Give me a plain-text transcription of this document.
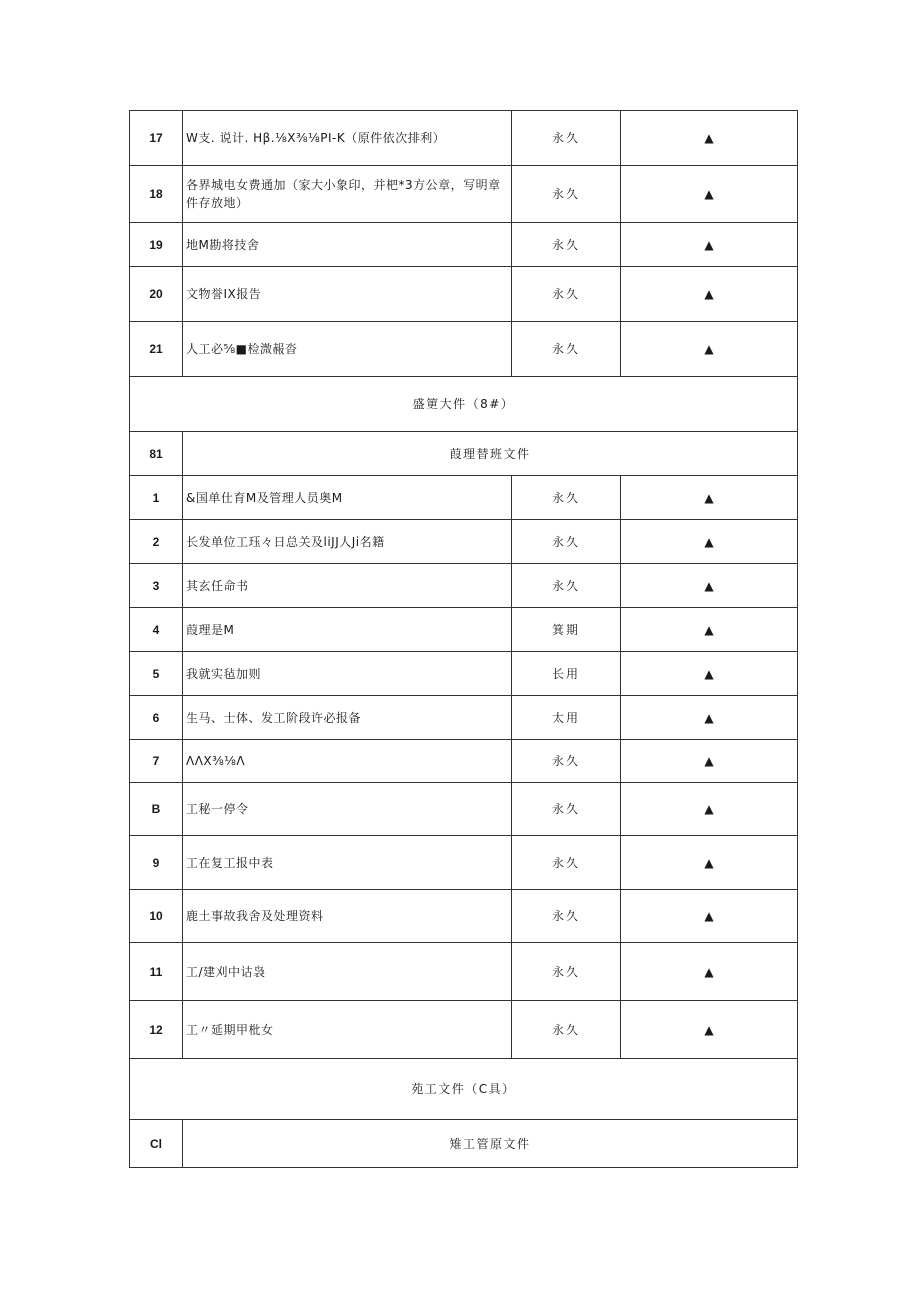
17	W支. 说计. Hβ.⅛X⅜⅛PI-K（原件依次排利）	永久	▲
18	各界城电女费通加（家大小象印，并杷*3方公章，写明章件存放地）	永久	▲
19	地M勘将技舍	永久	▲
20	文物誉IX报告	永久	▲
21	人工必⅝■检溦赧沓	永久	▲
盛筻大件（8#）			
81	葭理替班文件		
1	&国单仕育M及管理人员奥M	永久	▲
2	长发单位工珏々日总关及liJJ人Ji名籍	永久	▲
3	其玄任命书	永久	▲
4	葭理是M	箕期	▲
5	我就实毡加则	长用	▲
6	生马、士体、发工阶段许必报备	太用	▲
7	ΛΛX⅜⅛Λ	永久	▲
B	工秘一停令	永久	▲
9	工在复工报中表	永久	▲
10	鹿土事故我舍及处理资料	永久	▲
11	工/建刈中诂袅	永久	▲
12	工〃延期甲枇女	永久	▲
苑工文件（C具）			
Cl	雉工管原文件		
